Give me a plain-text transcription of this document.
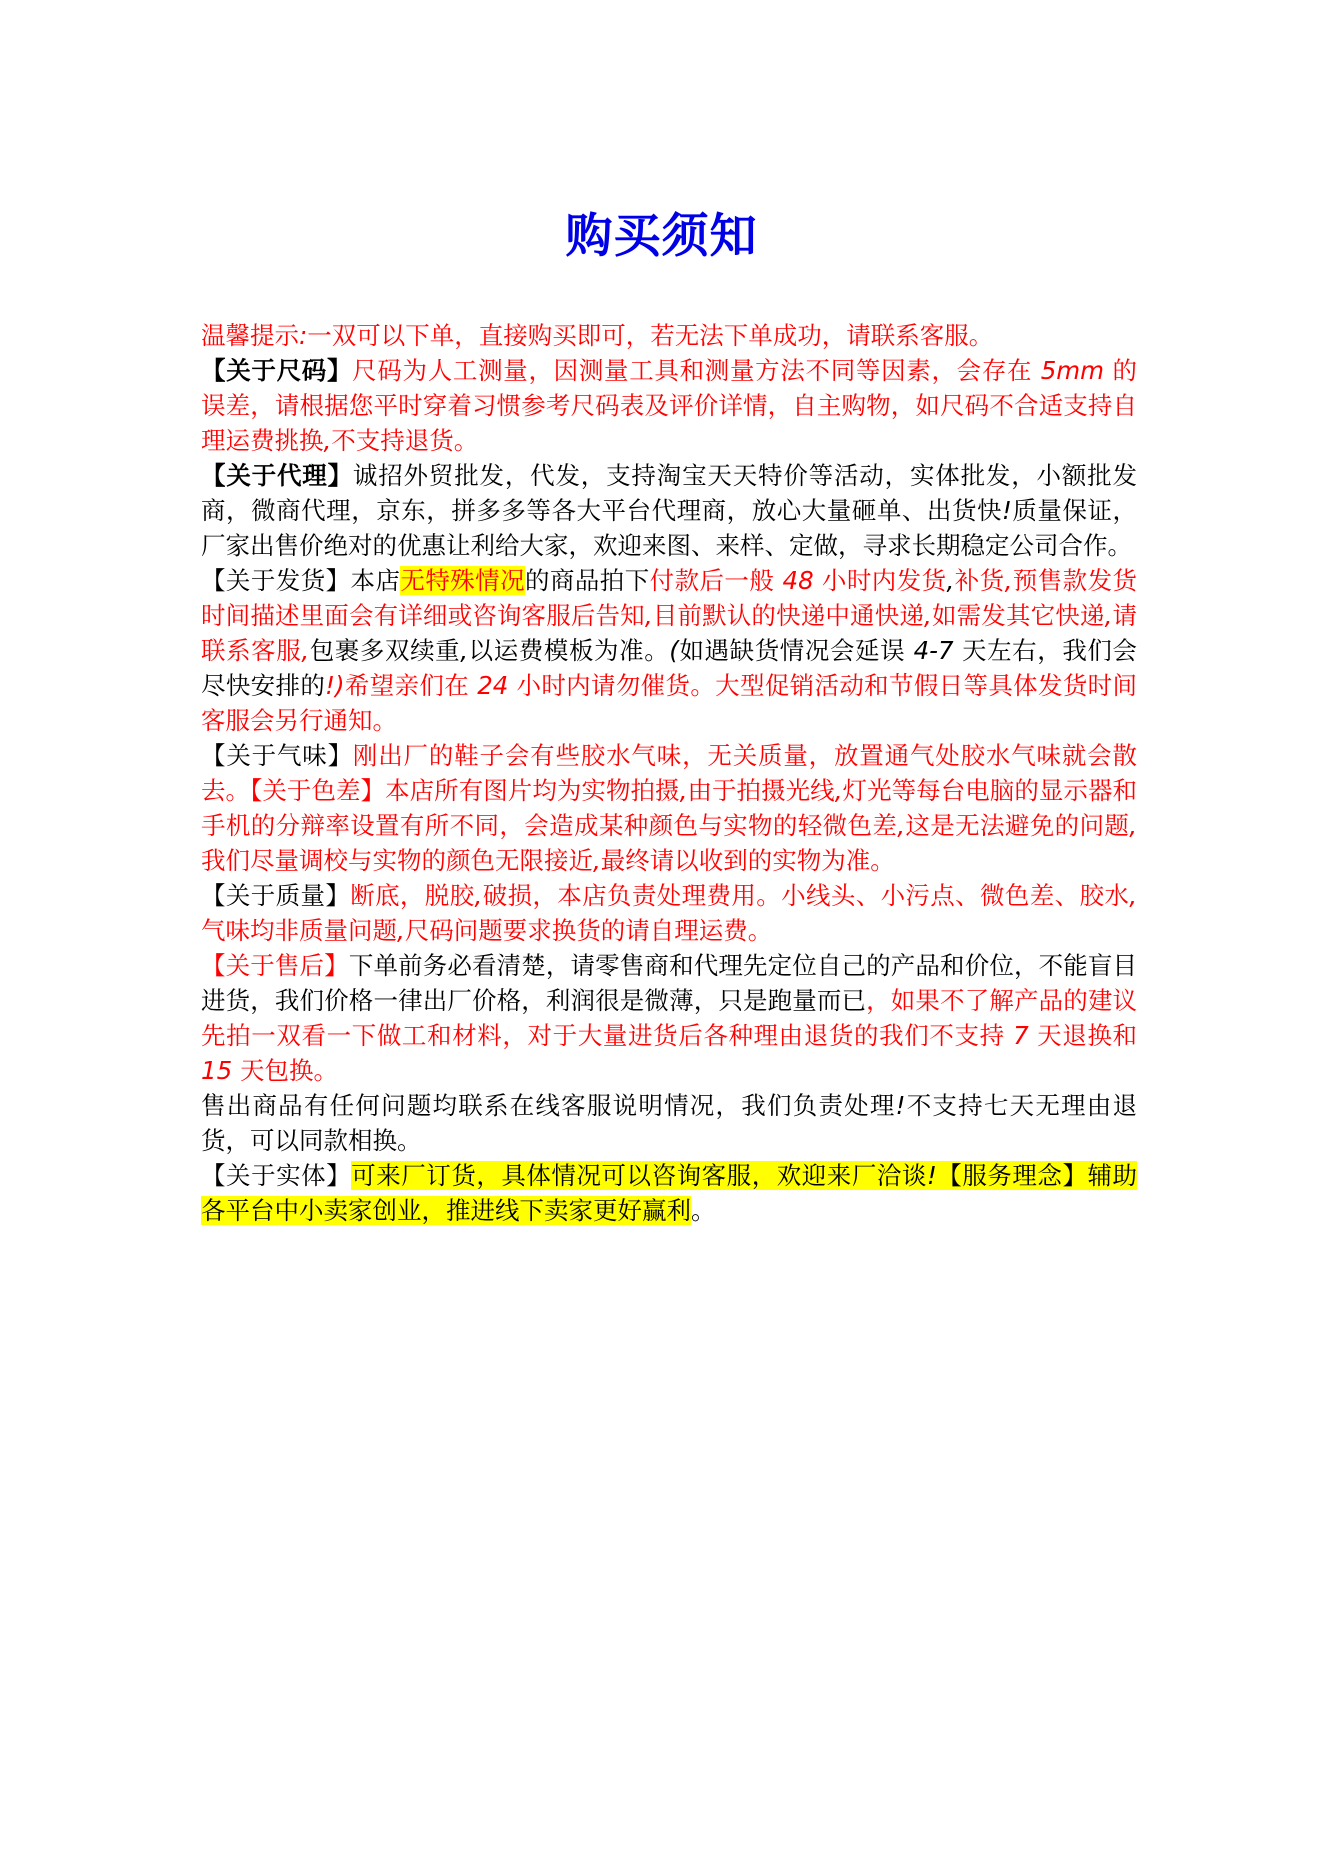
购买须知

温馨提示:一双可以下单，直接购买即可，若无法下单成功，请联系客服。

【关于尺码】尺码为人工测量，因测量工具和测量方法不同等因素，会存在 5mm 的误差，请根据您平时穿着习惯参考尺码表及评价详情，自主购物，如尺码不合适支持自理运费挑换,不支持退货。

【关于代理】诚招外贸批发，代发，支持淘宝天天特价等活动，实体批发，小额批发商，微商代理，京东，拼多多等各大平台代理商，放心大量砸单、出货快!质量保证，厂家出售价绝对的优惠让利给大家，欢迎来图、来样、定做，寻求长期稳定公司合作。

【关于发货】本店无特殊情况的商品拍下付款后一般 48 小时内发货,补货,预售款发货时间描述里面会有详细或咨询客服后告知,目前默认的快递中通快递,如需发其它快递,请联系客服,包裹多双续重,以运费模板为准。(如遇缺货情况会延误 4-7 天左右，我们会尽快安排的!)希望亲们在 24 小时内请勿催货。大型促销活动和节假日等具体发货时间客服会另行通知。

【关于气味】刚出厂的鞋子会有些胶水气味，无关质量，放置通气处胶水气味就会散去。【关于色差】本店所有图片均为实物拍摄,由于拍摄光线,灯光等每台电脑的显示器和手机的分辩率设置有所不同，会造成某种颜色与实物的轻微色差,这是无法避免的问题,我们尽量调校与实物的颜色无限接近,最终请以收到的实物为准。

【关于质量】断底，脱胶,破损，本店负责处理费用。小线头、小污点、微色差、胶水,气味均非质量问题,尺码问题要求换货的请自理运费。

【关于售后】下单前务必看清楚，请零售商和代理先定位自己的产品和价位，不能盲目进货，我们价格一律出厂价格，利润很是微薄，只是跑量而已，如果不了解产品的建议先拍一双看一下做工和材料，对于大量进货后各种理由退货的我们不支持 7 天退换和 15 天包换。

售出商品有任何问题均联系在线客服说明情况，我们负责处理!不支持七天无理由退货，可以同款相换。

【关于实体】可来厂订货，具体情况可以咨询客服，欢迎来厂洽谈!【服务理念】辅助各平台中小卖家创业，推进线下卖家更好赢利。
